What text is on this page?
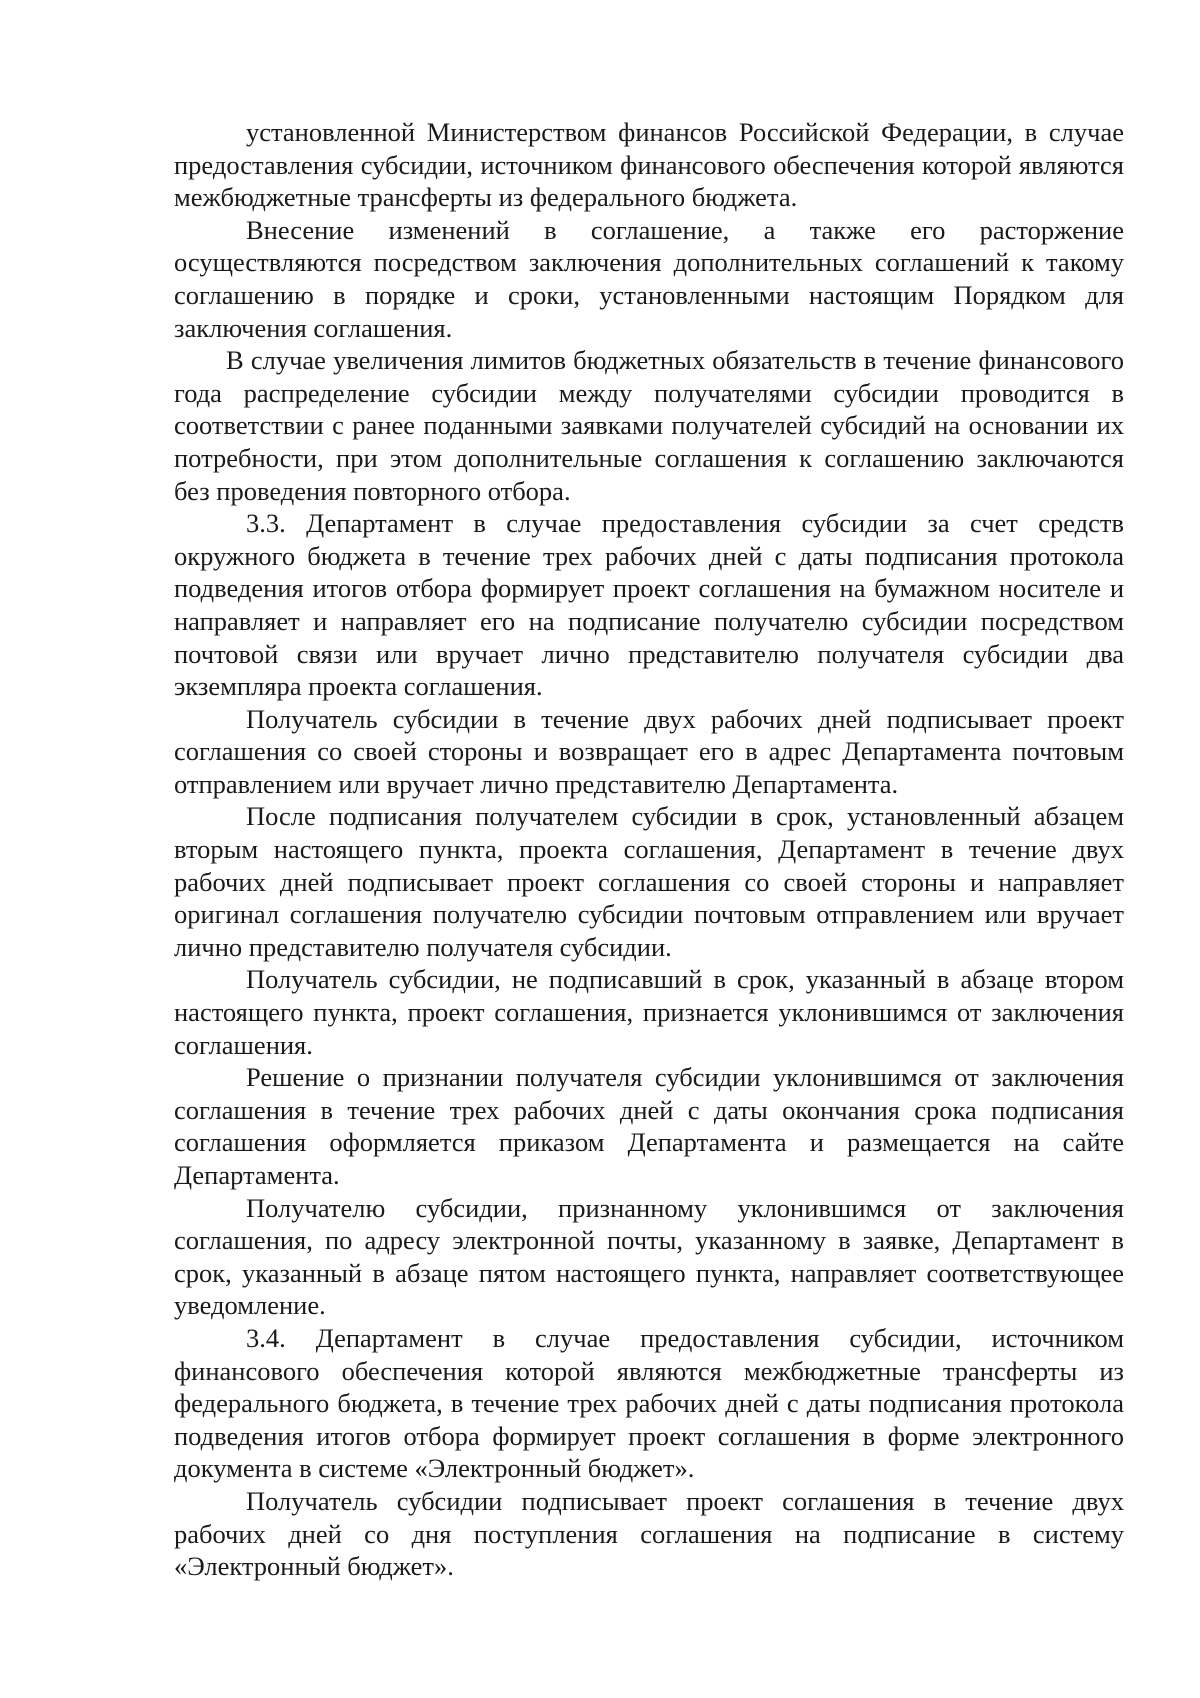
установленной Министерством финансов Российской Федерации, в случае предоставления субсидии, источником финансового обеспечения которой являются межбюджетные трансферты из федерального бюджета.

Внесение изменений в соглашение, а также его расторжение осуществляются посредством заключения дополнительных соглашений к такому соглашению в порядке и сроки, установленными настоящим Порядком для заключения соглашения.

В случае увеличения лимитов бюджетных обязательств в течение финансового года распределение субсидии между получателями субсидии проводится в соответствии с ранее поданными заявками получателей субсидий на основании их потребности, при этом дополнительные соглашения к соглашению заключаются без проведения повторного отбора.

3.3. Департамент в случае предоставления субсидии за счет средств окружного бюджета в течение трех рабочих дней с даты подписания протокола подведения итогов отбора формирует проект соглашения на бумажном носителе и направляет и направляет его на подписание получателю субсидии посредством почтовой связи или вручает лично представителю получателя субсидии два экземпляра проекта соглашения.

Получатель субсидии в течение двух рабочих дней подписывает проект соглашения со своей стороны и возвращает его в адрес Департамента почтовым отправлением или вручает лично представителю Департамента.

После подписания получателем субсидии в срок, установленный абзацем вторым настоящего пункта, проекта соглашения, Департамент в течение двух рабочих дней подписывает проект соглашения со своей стороны и направляет оригинал соглашения получателю субсидии почтовым отправлением или вручает лично представителю получателя субсидии.

Получатель субсидии, не подписавший в срок, указанный в абзаце втором настоящего пункта, проект соглашения, признается уклонившимся от заключения соглашения.

Решение о признании получателя субсидии уклонившимся от заключения соглашения в течение трех рабочих дней с даты окончания срока подписания соглашения оформляется приказом Департамента и размещается на сайте Департамента.

Получателю субсидии, признанному уклонившимся от заключения соглашения, по адресу электронной почты, указанному в заявке, Департамент в срок, указанный в абзаце пятом настоящего пункта, направляет соответствующее уведомление.

3.4. Департамент в случае предоставления субсидии, источником финансового обеспечения которой являются межбюджетные трансферты из федерального бюджета, в течение трех рабочих дней с даты подписания протокола подведения итогов отбора формирует проект соглашения в форме электронного документа в системе «Электронный бюджет».

Получатель субсидии подписывает проект соглашения в течение двух рабочих дней со дня поступления соглашения на подписание в систему «Электронный бюджет».
